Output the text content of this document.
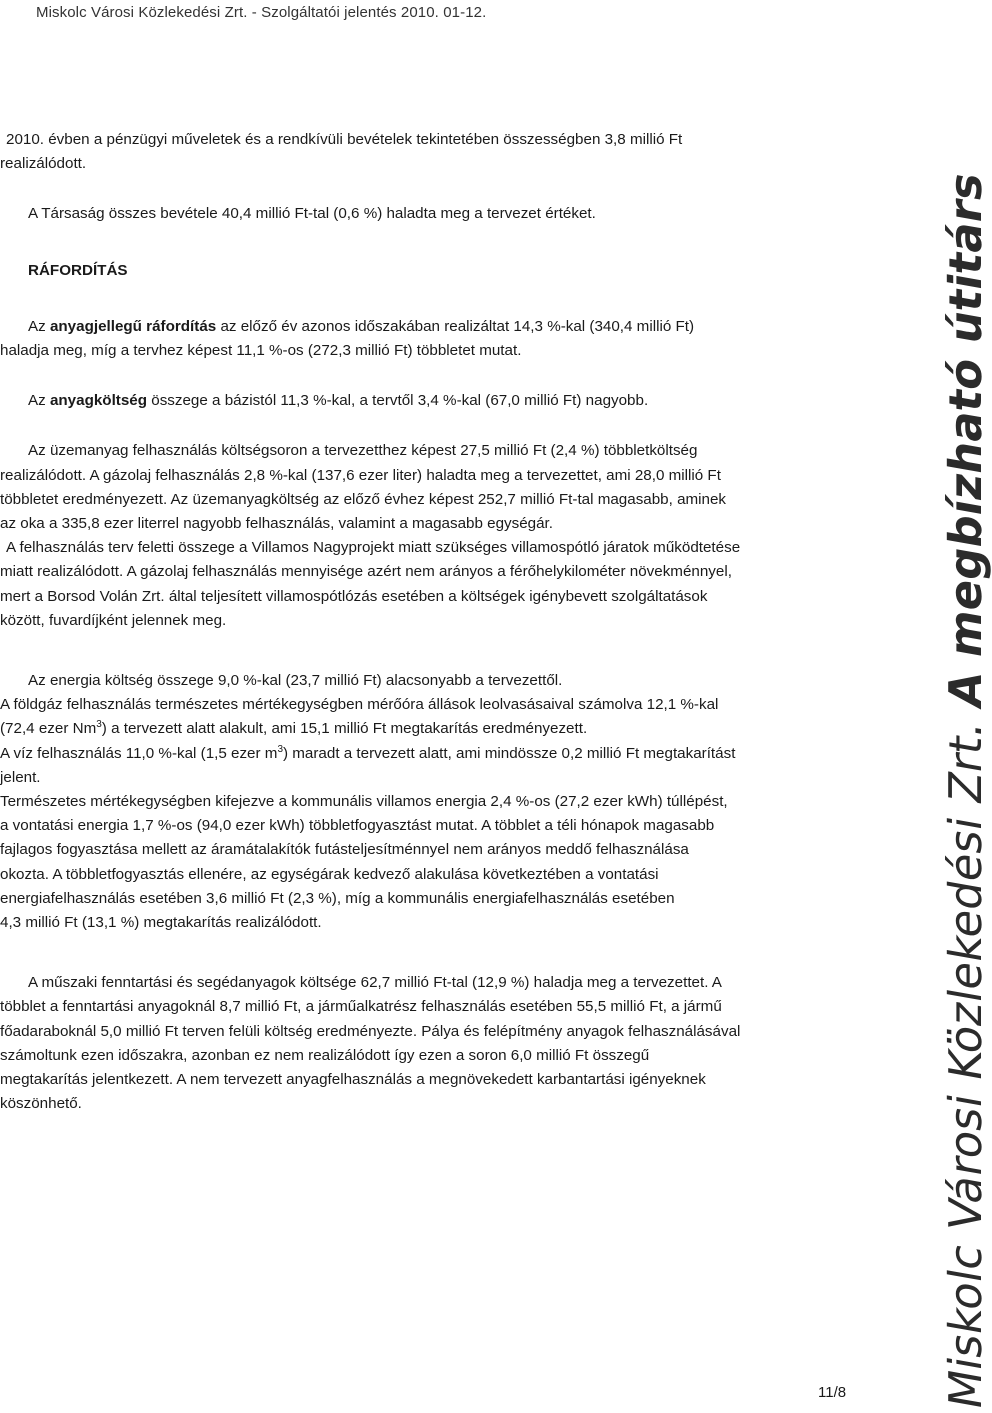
Miskolc Városi Közlekedési Zrt. - Szolgáltatói jelentés 2010. 01-12.

2010. évben a pénzügyi műveletek és a rendkívüli bevételek tekintetében összességben 3,8 millió Ft
realizálódott.

A Társaság összes bevétele 40,4 millió Ft-tal (0,6 %) haladta meg a tervezet értéket.

RÁFORDÍTÁS

Az anyagjellegű ráfordítás az előző év azonos időszakában realizáltat 14,3 %-kal (340,4 millió Ft)
haladja meg, míg a tervhez képest 11,1 %-os (272,3 millió Ft) többletet mutat.

Az anyagköltség összege a bázistól 11,3 %-kal, a tervtől 3,4 %-kal (67,0 millió Ft) nagyobb.

Az üzemanyag felhasználás költségsoron a tervezetthez képest 27,5 millió Ft (2,4 %) többletköltség
realizálódott. A gázolaj felhasználás 2,8 %-kal (137,6 ezer liter) haladta meg a tervezettet, ami 28,0 millió Ft
többletet eredményezett. Az üzemanyagköltség az előző évhez képest 252,7 millió Ft-tal magasabb, aminek
az oka a 335,8 ezer literrel nagyobb felhasználás, valamint a magasabb egységár.
A felhasználás terv feletti összege a Villamos Nagyprojekt miatt szükséges villamospótló járatok működtetése
miatt realizálódott. A gázolaj felhasználás mennyisége azért nem arányos a férőhelykilométer növekménnyel,
mert a Borsod Volán Zrt. által teljesített villamospótlózás esetében a költségek igénybevett szolgáltatások
között, fuvardíjként jelennek meg.

Az energia költség összege 9,0 %-kal (23,7 millió Ft) alacsonyabb a tervezettől.
A földgáz felhasználás természetes mértékegységben mérőóra állások leolvasásaival számolva 12,1 %-kal
(72,4 ezer Nm$^3$) a tervezett alatt alakult, ami 15,1 millió Ft megtakarítás eredményezett.
A víz felhasználás 11,0 %-kal (1,5 ezer $m^3$) maradt a tervezett alatt, ami mindössze 0,2 millió Ft megtakarítást
jelent.
Természetes mértékegységben kifejezve a kommunális villamos energia 2,4 %-os (27,2 ezer kWh) túllépést,
a vontatási energia 1,7 %-os (94,0 ezer kWh) többletfogyasztást mutat. A többlet a téli hónapok magasabb
fajlagos fogyasztása mellett az áramátalakítók futásteljesítménnyel nem arányos meddő felhasználása
okozta. A többletfogyasztás ellenére, az egységárak kedvező alakulása következtében a vontatási
energiafelhasználás esetében 3,6 millió Ft (2,3 %), míg a kommunális energiafelhasználás esetében
4,3 millió Ft (13,1 %) megtakarítás realizálódott.

A műszaki fenntartási és segédanyagok költsége 62,7 millió Ft-tal (12,9 %) haladja meg a tervezettet. A
többlet a fenntartási anyagoknál 8,7 millió Ft, a járműalkatrész felhasználás esetében 55,5 millió Ft, a jármű
főadaraboknál 5,0 millió Ft terven felüli költség eredményezte. Pálya és felépítmény anyagok felhasználásával
számoltunk ezen időszakra, azonban ez nem realizálódott így ezen a soron 6,0 millió Ft összegű
megtakarítás jelentkezett. A nem tervezett anyagfelhasználás a megnövekedett karbantartási igényeknek
köszönhető.	Miskolc Városi Közlekedési Zrt. A megbízható útitárs
11/8
